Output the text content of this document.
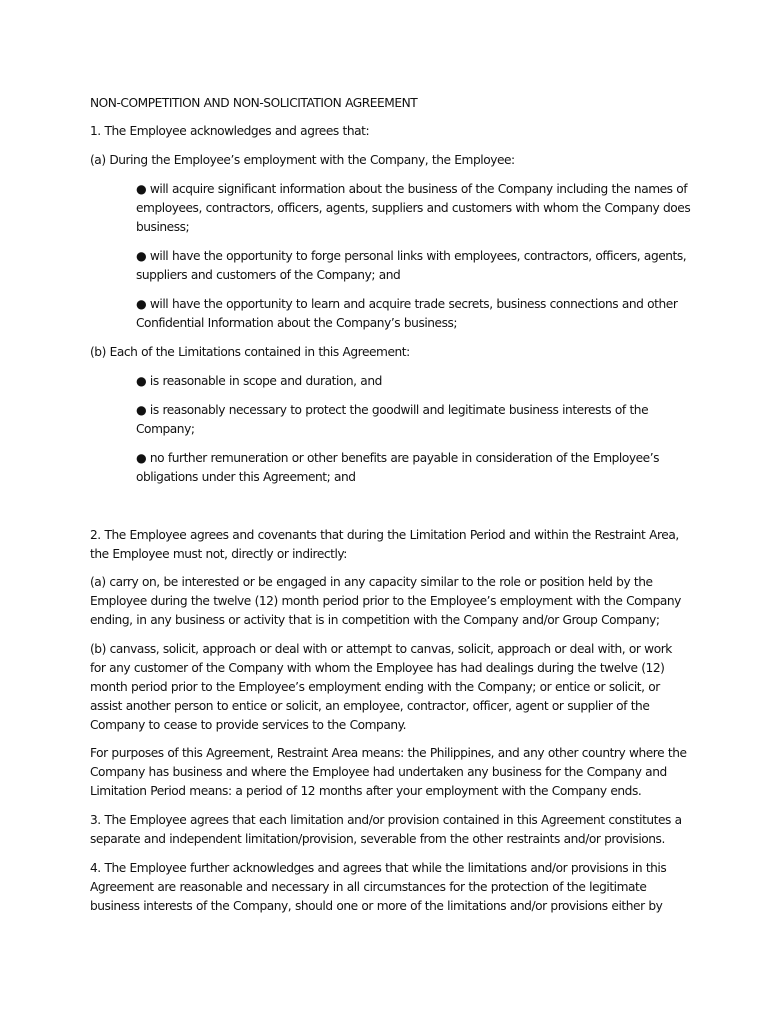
NON-COMPETITION AND NON-SOLICITATION AGREEMENT
1. The Employee acknowledges and agrees that:
(a) During the Employee’s employment with the Company, the Employee:
● will acquire significant information about the business of the Company including the names of
employees, contractors, officers, agents, suppliers and customers with whom the Company does
business;
● will have the opportunity to forge personal links with employees, contractors, officers, agents,
suppliers and customers of the Company; and
● will have the opportunity to learn and acquire trade secrets, business connections and other
Confidential Information about the Company’s business;
(b) Each of the Limitations contained in this Agreement:
● is reasonable in scope and duration, and
● is reasonably necessary to protect the goodwill and legitimate business interests of the
Company;
● no further remuneration or other benefits are payable in consideration of the Employee’s
obligations under this Agreement; and
2. The Employee agrees and covenants that during the Limitation Period and within the Restraint Area,
the Employee must not, directly or indirectly:
(a) carry on, be interested or be engaged in any capacity similar to the role or position held by the
Employee during the twelve (12) month period prior to the Employee’s employment with the Company
ending, in any business or activity that is in competition with the Company and/or Group Company;
(b) canvass, solicit, approach or deal with or attempt to canvas, solicit, approach or deal with, or work
for any customer of the Company with whom the Employee has had dealings during the twelve (12)
month period prior to the Employee’s employment ending with the Company; or entice or solicit, or
assist another person to entice or solicit, an employee, contractor, officer, agent or supplier of the
Company to cease to provide services to the Company.
For purposes of this Agreement, Restraint Area means: the Philippines, and any other country where the
Company has business and where the Employee had undertaken any business for the Company and
Limitation Period means: a period of 12 months after your employment with the Company ends.
3. The Employee agrees that each limitation and/or provision contained in this Agreement constitutes a
separate and independent limitation/provision, severable from the other restraints and/or provisions.
4. The Employee further acknowledges and agrees that while the limitations and/or provisions in this
Agreement are reasonable and necessary in all circumstances for the protection of the legitimate
business interests of the Company, should one or more of the limitations and/or provisions either by
